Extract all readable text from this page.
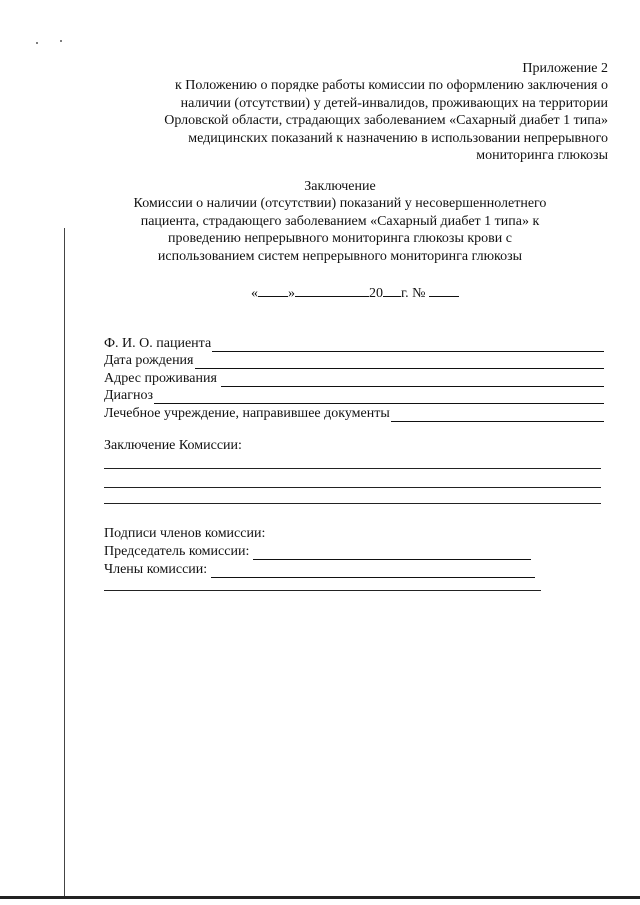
Приложение 2
к Положению о порядке работы комиссии по оформлению заключения о
наличии (отсутствии) у детей-инвалидов, проживающих на территории
Орловской области, страдающих заболеванием «Сахарный диабет 1 типа»
медицинских показаний к назначению в использовании непрерывного
мониторинга глюкозы
Заключение
Комиссии о наличии (отсутствии) показаний у несовершеннолетнего
пациента, страдающего заболеванием «Сахарный диабет 1 типа» к
проведению непрерывного мониторинга глюкозы крови с
использованием систем непрерывного мониторинга глюкозы
« »	20 г. №
Ф. И. О. пациента
Дата рождения
Адрес проживания
Диагноз
Лечебное учреждение, направившее документы
Заключение Комиссии:
Подписи членов комиссии:
Председатель комиссии:
Члены комиссии:
